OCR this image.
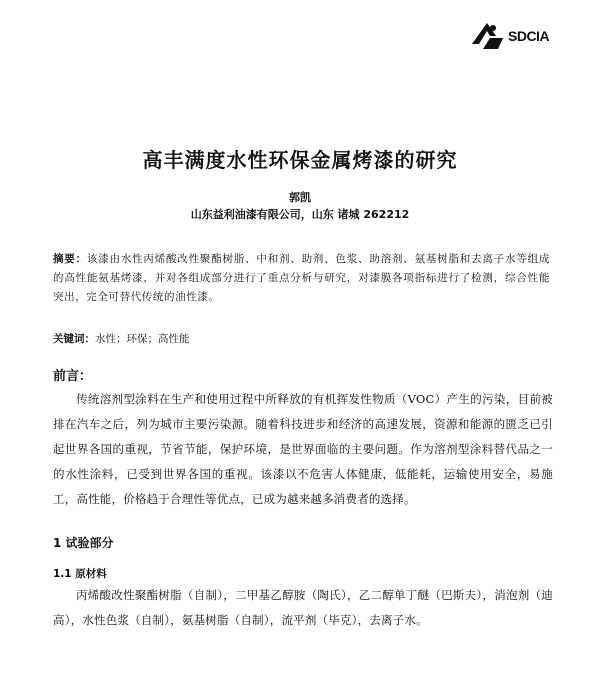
SDCIA
高丰满度水性环保金属烤漆的研究
郭凯
山东益利油漆有限公司，山东 诸城 262212
摘要：该漆由水性丙烯酸改性聚酯树脂、中和剂、助剂、色浆、助溶剂、氨基树脂和去离子水等组成的高性能氨基烤漆，并对各组成部分进行了重点分析与研究，对漆膜各项指标进行了检测，综合性能突出，完全可替代传统的油性漆。
关键词：水性；环保；高性能
前言：

传统溶剂型涂料在生产和使用过程中所释放的有机挥发性物质（VOC）产生的污染，目前被排在汽车之后，列为城市主要污染源。随着科技进步和经济的高速发展，资源和能源的匮乏已引起世界各国的重视，节省节能，保护环境，是世界面临的主要问题。作为溶剂型涂料替代品之一的水性涂料，已受到世界各国的重视。该漆以不危害人体健康，低能耗，运输使用安全，易施工，高性能，价格趋于合理性等优点，已成为越来越多消费者的选择。

1 试验部分
1.1 原材料

丙烯酸改性聚酯树脂（自制），二甲基乙醇胺（陶氏），乙二醇单丁醚（巴斯夫），消泡剂（迪高），水性色浆（自制），氨基树脂（自制），流平剂（毕克），去离子水。
